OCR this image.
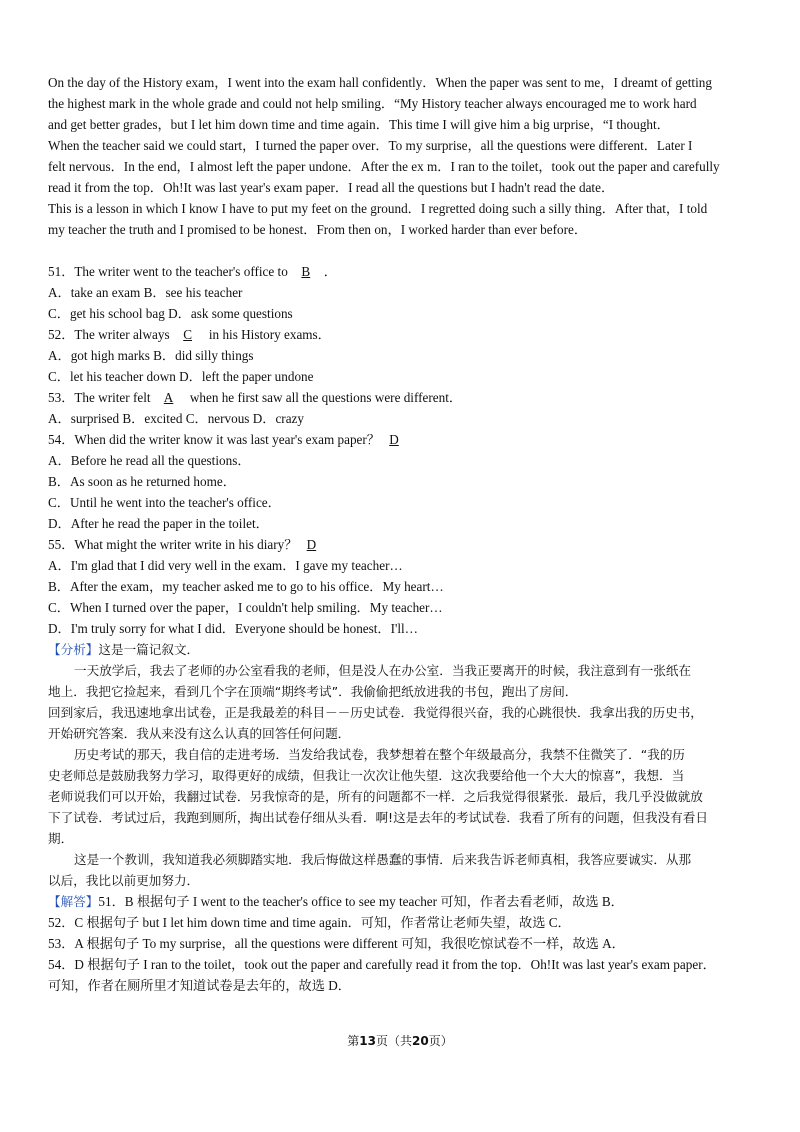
On the day of the History exam，I went into the exam hall confidently．When the paper was sent to me，I dreamt of getting

the highest mark in the whole grade and could not help smiling．“My History teacher always encouraged me to work hard

and get better grades，but I let him down time and time again．This time I will give him a big urprise，“I thought．

When the teacher said we could start，I turned the paper over．To my surprise，all the questions were different．Later I

felt nervous．In the end，I almost left the paper undone．After the ex m．I ran to the toilet，took out the paper and carefully

read it from the top．Oh!It was last year's exam paper．I read all the questions but I hadn't read the date．

This is a lesson in which I know I have to put my feet on the ground．I regretted doing such a silly thing．After that，I told

my teacher the truth and I promised to be honest．From then on，I worked harder than ever before．

51．The writer went to the teacher's office to B ．

A．take an exam B．see his teacher

C．get his school bag D．ask some questions

52．The writer always C in his History exams．

A．got high marks B．did silly things

C．let his teacher down D．left the paper undone

53．The writer felt A when he first saw all the questions were different．

A．surprised B．excited C．nervous D．crazy

54．When did the writer know it was last year's exam paper？ D

A．Before he read all the questions．

B．As soon as he returned home．

C．Until he went into the teacher's office．

D．After he read the paper in the toilet．

55．What might the writer write in his diary？ D

A．I'm glad that I did very well in the exam．I gave my teacher…

B．After the exam，my teacher asked me to go to his office．My heart…

C．When I turned over the paper，I couldn't help smiling．My teacher…

D．I'm truly sorry for what I did．Everyone should be honest．I'll…

【分析】这是一篇记叙文．

一天放学后，我去了老师的办公室看我的老师，但是没人在办公室．当我正要离开的时候，我注意到有一张纸在

地上．我把它捡起来，看到几个字在顶端“期终考试”．我偷偷把纸放进我的书包，跑出了房间．

回到家后，我迅速地拿出试卷，正是我最差的科目－－历史试卷．我觉得很兴奋，我的心跳很快．我拿出我的历史书，

开始研究答案．我从来没有这么认真的回答任何问题．

历史考试的那天，我自信的走进考场．当发给我试卷，我梦想着在整个年级最高分，我禁不住微笑了．“我的历

史老师总是鼓励我努力学习，取得更好的成绩，但我让一次次让他失望．这次我要给他一个大大的惊喜”，我想．当

老师说我们可以开始，我翻过试卷．另我惊奇的是，所有的问题都不一样．之后我觉得很紧张．最后，我几乎没做就放

下了试卷．考试过后，我跑到厕所，掏出试卷仔细从头看．啊!这是去年的考试试卷．我看了所有的问题，但我没有看日

期．

这是一个教训，我知道我必须脚踏实地．我后悔做这样愚蠢的事情．后来我告诉老师真相，我答应要诚实．从那

以后，我比以前更加努力．

【解答】51．B 根据句子 I went to the teacher's office to see my teacher 可知，作者去看老师，故选 B．

52．C 根据句子 but I let him down time and time again．可知，作者常让老师失望，故选 C．

53．A 根据句子 To my surprise，all the questions were different 可知，我很吃惊试卷不一样，故选 A．

54．D 根据句子 I ran to the toilet，took out the paper and carefully read it from the top．Oh!It was last year's exam paper．

可知，作者在厕所里才知道试卷是去年的，故选 D．

第13页（共20页）
